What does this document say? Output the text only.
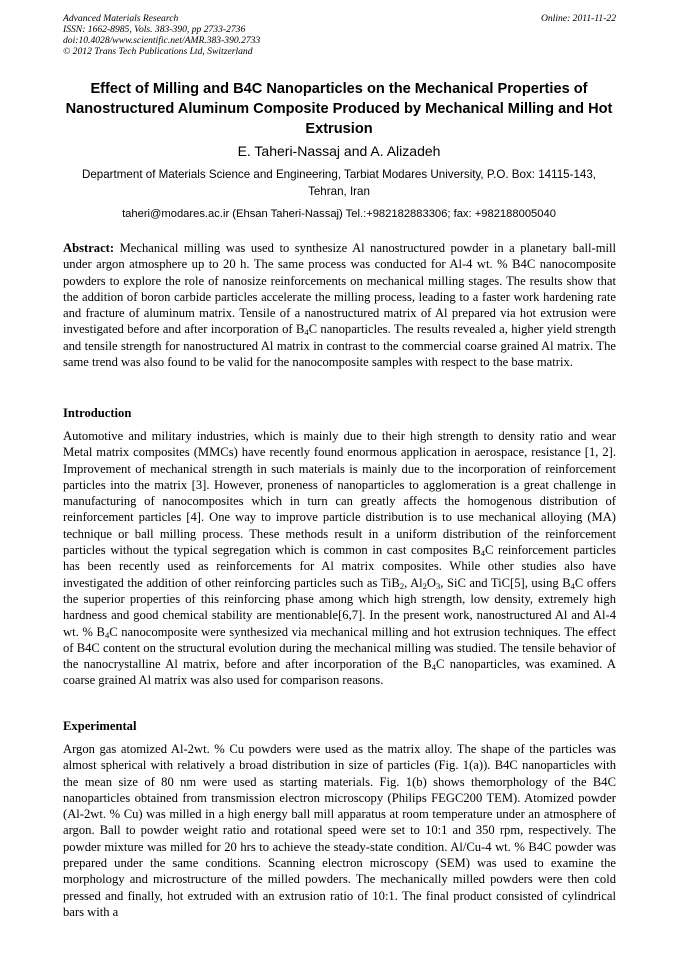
Advanced Materials Research
ISSN: 1662-8985, Vols. 383-390, pp 2733-2736
doi:10.4028/www.scientific.net/AMR.383-390.2733
© 2012 Trans Tech Publications Ltd, Switzerland
Online: 2011-11-22
Effect of Milling and B4C Nanoparticles on the Mechanical Properties of Nanostructured Aluminum Composite Produced by Mechanical Milling and Hot Extrusion
E. Taheri-Nassaj and A. Alizadeh
Department of Materials Science and Engineering, Tarbiat Modares University, P.O. Box: 14115-143, Tehran, Iran
taheri@modares.ac.ir (Ehsan Taheri-Nassaj) Tel.:+982182883306; fax: +982188005040
Abstract: Mechanical milling was used to synthesize Al nanostructured powder in a planetary ball-mill under argon atmosphere up to 20 h. The same process was conducted for Al-4 wt. % B4C nanocomposite powders to explore the role of nanosize reinforcements on mechanical milling stages. The results show that the addition of boron carbide particles accelerate the milling process, leading to a faster work hardening rate and fracture of aluminum matrix. Tensile of a nanostructured matrix of Al prepared via hot extrusion were investigated before and after incorporation of $B_4C$ nanoparticles. The results revealed a, higher yield strength and tensile strength for nanostructured Al matrix in contrast to the commercial coarse grained Al matrix. The same trend was also found to be valid for the nanocomposite samples with respect to the base matrix.
Introduction
Automotive and military industries, which is mainly due to their high strength to density ratio and wear Metal matrix composites (MMCs) have recently found enormous application in aerospace, resistance [1, 2]. Improvement of mechanical strength in such materials is mainly due to the incorporation of reinforcement particles into the matrix [3]. However, proneness of nanoparticles to agglomeration is a great challenge in manufacturing of nanocomposites which in turn can greatly affects the homogenous distribution of reinforcement particles [4]. One way to improve particle distribution is to use mechanical alloying (MA) technique or ball milling process. These methods result in a uniform distribution of the reinforcement particles without the typical segregation which is common in cast composites $B_4C$ reinforcement particles has been recently used as reinforcements for Al matrix composites. While other studies also have investigated the addition of other reinforcing particles such as TiB$_2$, $Al_2O_3$, SiC and TiC[5], using $B_4C$ offers the superior properties of this reinforcing phase among which high strength, low density, extremely high hardness and good chemical stability are mentionable[6,7]. In the present work, nanostructured Al and Al-4 wt. % $B_4C$ nanocomposite were synthesized via mechanical milling and hot extrusion techniques. The effect of B4C content on the structural evolution during the mechanical milling was studied. The tensile behavior of the nanocrystalline Al matrix, before and after incorporation of the $B_4C$ nanoparticles, was examined. A coarse grained Al matrix was also used for comparison reasons.
Experimental
Argon gas atomized Al-2wt. % Cu powders were used as the matrix alloy. The shape of the particles was almost spherical with relatively a broad distribution in size of particles (Fig. 1(a)). B4C nanoparticles with the mean size of 80 nm were used as starting materials. Fig. 1(b) shows themorphology of the B4C nanoparticles obtained from transmission electron microscopy (Philips FEGC200 TEM). Atomized powder (Al-2wt. % Cu) was milled in a high energy ball mill apparatus at room temperature under an atmosphere of argon. Ball to powder weight ratio and rotational speed were set to 10:1 and 350 rpm, respectively. The powder mixture was milled for 20 hrs to achieve the steady-state condition. Al/Cu-4 wt. % B4C powder was prepared under the same conditions. Scanning electron microscopy (SEM) was used to examine the morphology and microstructure of the milled powders. The mechanically milled powders were then cold pressed and finally, hot extruded with an extrusion ratio of 10:1. The final product consisted of cylindrical bars with a
